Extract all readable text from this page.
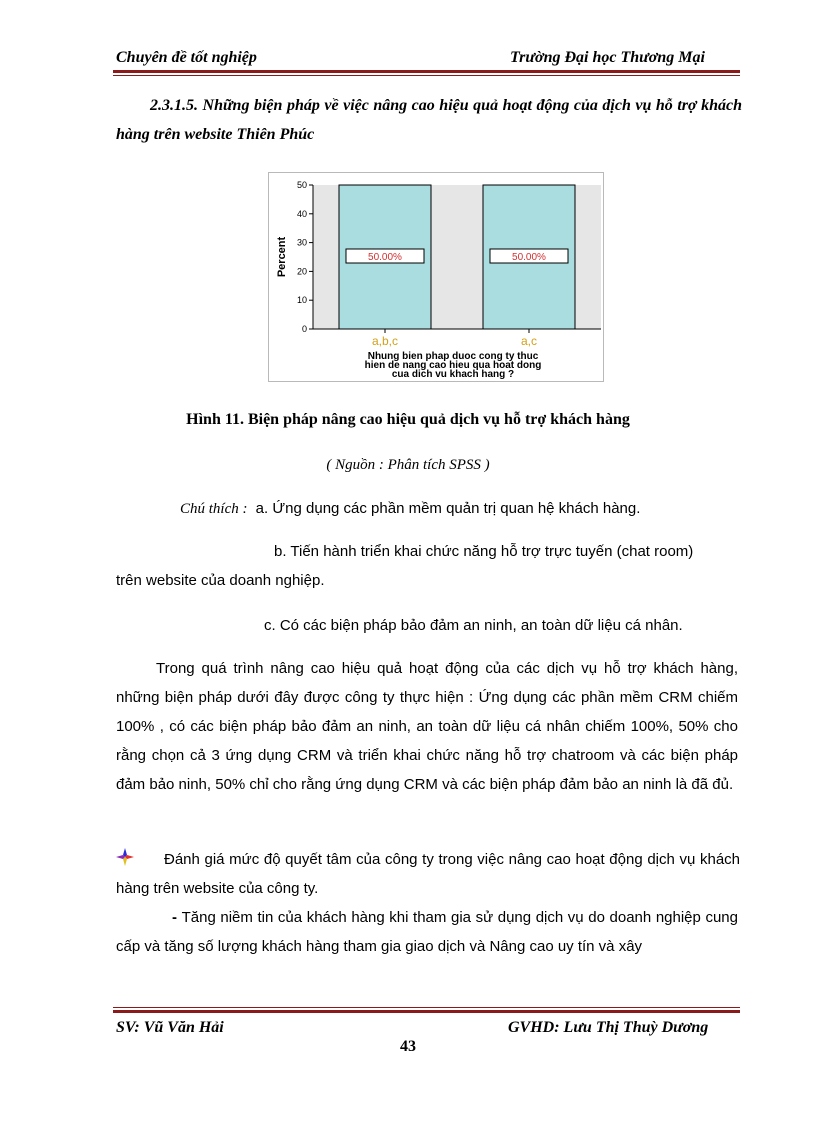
Chuyên đề tốt nghiệp	Trường Đại học Thương Mại
2.3.1.5. Những biện pháp về việc nâng cao hiệu quả hoạt động của dịch vụ hỗ trợ khách hàng trên website Thiên Phúc
0
10
20
30
40
50
Percent	50.00%
a,b,c
50.00%
a,c
Nhung bien phap duoc cong ty thuc
hien de nang cao hieu qua hoat dong
cua dich vu khach hang ?
Hình 11. Biện pháp nâng cao hiệu quả dịch vụ hỗ trợ khách hàng
( Nguồn : Phân tích SPSS )
Chú thích : a. Ứng dụng các phần mềm quản trị quan hệ khách hàng.
b. Tiến hành triển khai chức năng hỗ trợ trực tuyến (chat room)
trên website của doanh nghiệp.
c. Có các biện pháp bảo đảm an ninh, an toàn dữ liệu cá nhân.
Trong quá trình nâng cao hiệu quả hoạt động của các dịch vụ hỗ trợ khách hàng, những biện pháp dưới đây được công ty thực hiện : Ứng dụng các phần mềm CRM chiếm 100% , có các biện pháp bảo đảm an ninh, an toàn dữ liệu cá nhân chiếm 100%, 50% cho rằng chọn cả 3 ứng dụng CRM và triển khai chức năng hỗ trợ chatroom và các biện pháp đảm bảo ninh, 50% chỉ cho rằng ứng dụng CRM và các biện pháp đảm bảo an ninh là đã đủ.
Đánh giá mức độ quyết tâm của công ty trong việc nâng cao hoạt động dịch vụ khách hàng trên website của công ty.
- Tăng niềm tin của khách hàng khi tham gia sử dụng dịch vụ do doanh nghiệp cung cấp và tăng số lượng khách hàng tham gia giao dịch và Nâng cao uy tín và xây
SV: Vũ Văn Hải	GVHD: Lưu Thị Thuỳ Dương
43
